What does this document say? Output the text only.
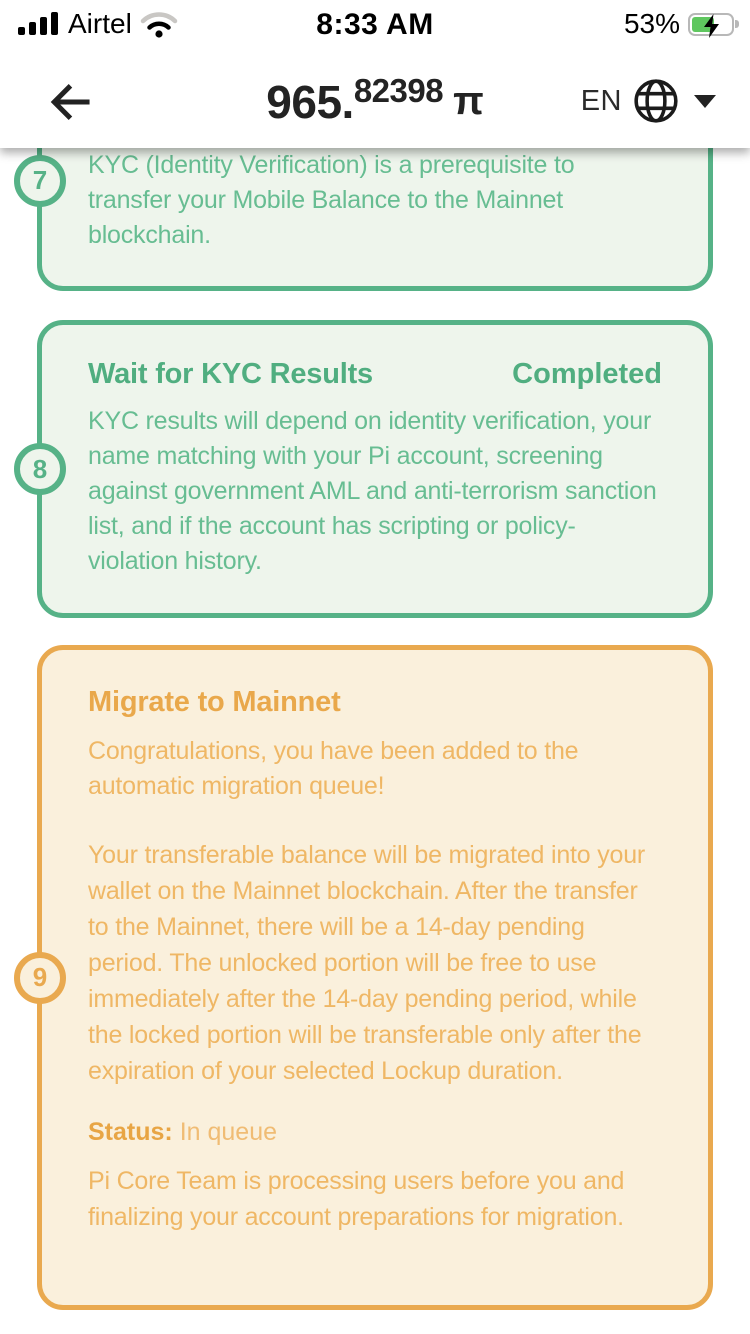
7	KYC (Identity Verification) is a prerequisite to transfer your Mobile Balance to the Mainnet blockchain.
8
Wait for KYC Results	Completed
KYC results will depend on identity verification, your name matching with your Pi account, screening against government AML and anti-terrorism sanction list, and if the account has scripting or policy-violation history.
9
Migrate to Mainnet
Congratulations, you have been added to the automatic migration queue!
Your transferable balance will be migrated into your wallet on the Mainnet blockchain. After the transfer to the Mainnet, there will be a 14-day pending period. The unlocked portion will be free to use immediately after the 14-day pending period, while the locked portion will be transferable only after the expiration of your selected Lockup duration.
Status: In queue
Pi Core Team is processing users before you and finalizing your account preparations for migration.
Airtel	8:33 AM	53%
965. 82398 π	EN
